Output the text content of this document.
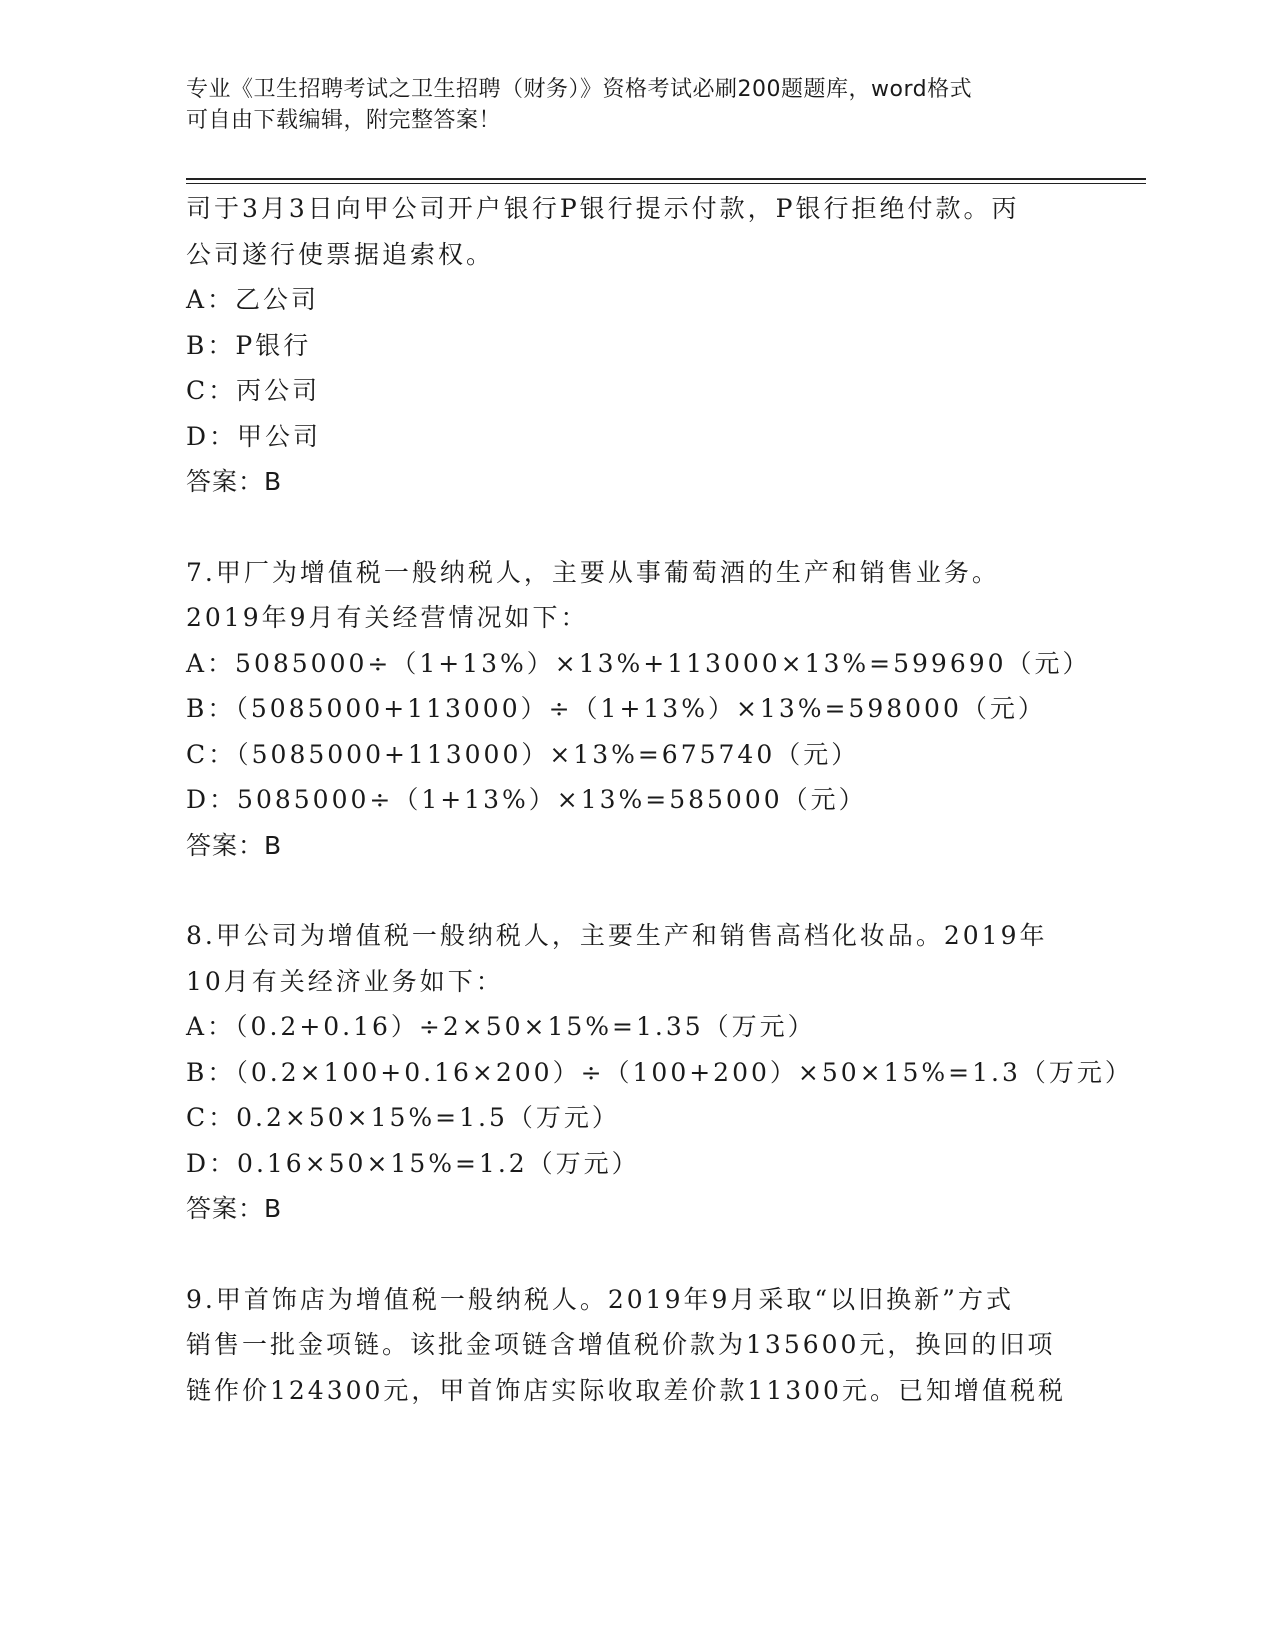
专业《卫生招聘考试之卫生招聘（财务）》资格考试必刷200题题库，word格式
可自由下载编辑，附完整答案！
司于3月3日向甲公司开户银行P银行提示付款，P银行拒绝付款。丙
公司遂行使票据追索权。
A：乙公司
B：P银行
C：丙公司
D：甲公司
答案：B
7.甲厂为增值税一般纳税人，主要从事葡萄酒的生产和销售业务。
2019年9月有关经营情况如下：
A：5085000÷（1+13%）×13%+113000×13%=599690（元）
B：（5085000+113000）÷（1+13%）×13%=598000（元）
C：（5085000+113000）×13%=675740（元）
D：5085000÷（1+13%）×13%=585000（元）
答案：B
8.甲公司为增值税一般纳税人，主要生产和销售高档化妆品。2019年
10月有关经济业务如下：
A：（0.2+0.16）÷2×50×15%=1.35（万元）
B：（0.2×100+0.16×200）÷（100+200）×50×15%=1.3（万元）
C：0.2×50×15%=1.5（万元）
D：0.16×50×15%=1.2（万元）
答案：B
9.甲首饰店为增值税一般纳税人。2019年9月采取“以旧换新”方式
销售一批金项链。该批金项链含增值税价款为135600元，换回的旧项
链作价124300元，甲首饰店实际收取差价款11300元。已知增值税税
